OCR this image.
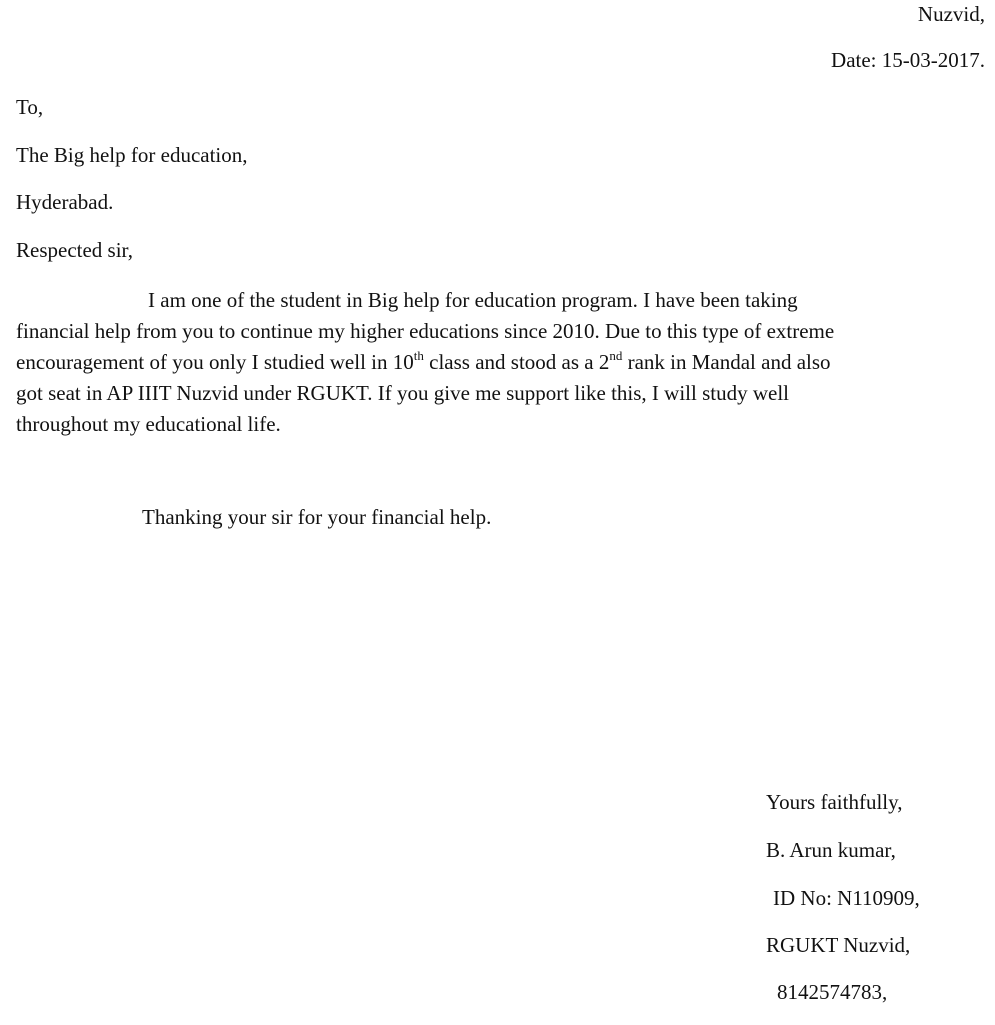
Nuzvid,

Date: 15-03-2017.

To,

The Big help for education,

Hyderabad.

Respected sir,

I am one of the student in Big help for education program. I have been taking
financial help from you to continue my higher educations since 2010. Due to this type of extreme
encouragement of you only I studied well in 10th class and stood as a 2nd rank in Mandal and also
got seat in AP IIIT Nuzvid under RGUKT. If you give me support like this, I will study well
throughout my educational life.

Thanking your sir for your financial help.

Yours faithfully,

B. Arun kumar,

ID No: N110909,

RGUKT Nuzvid,

8142574783,
